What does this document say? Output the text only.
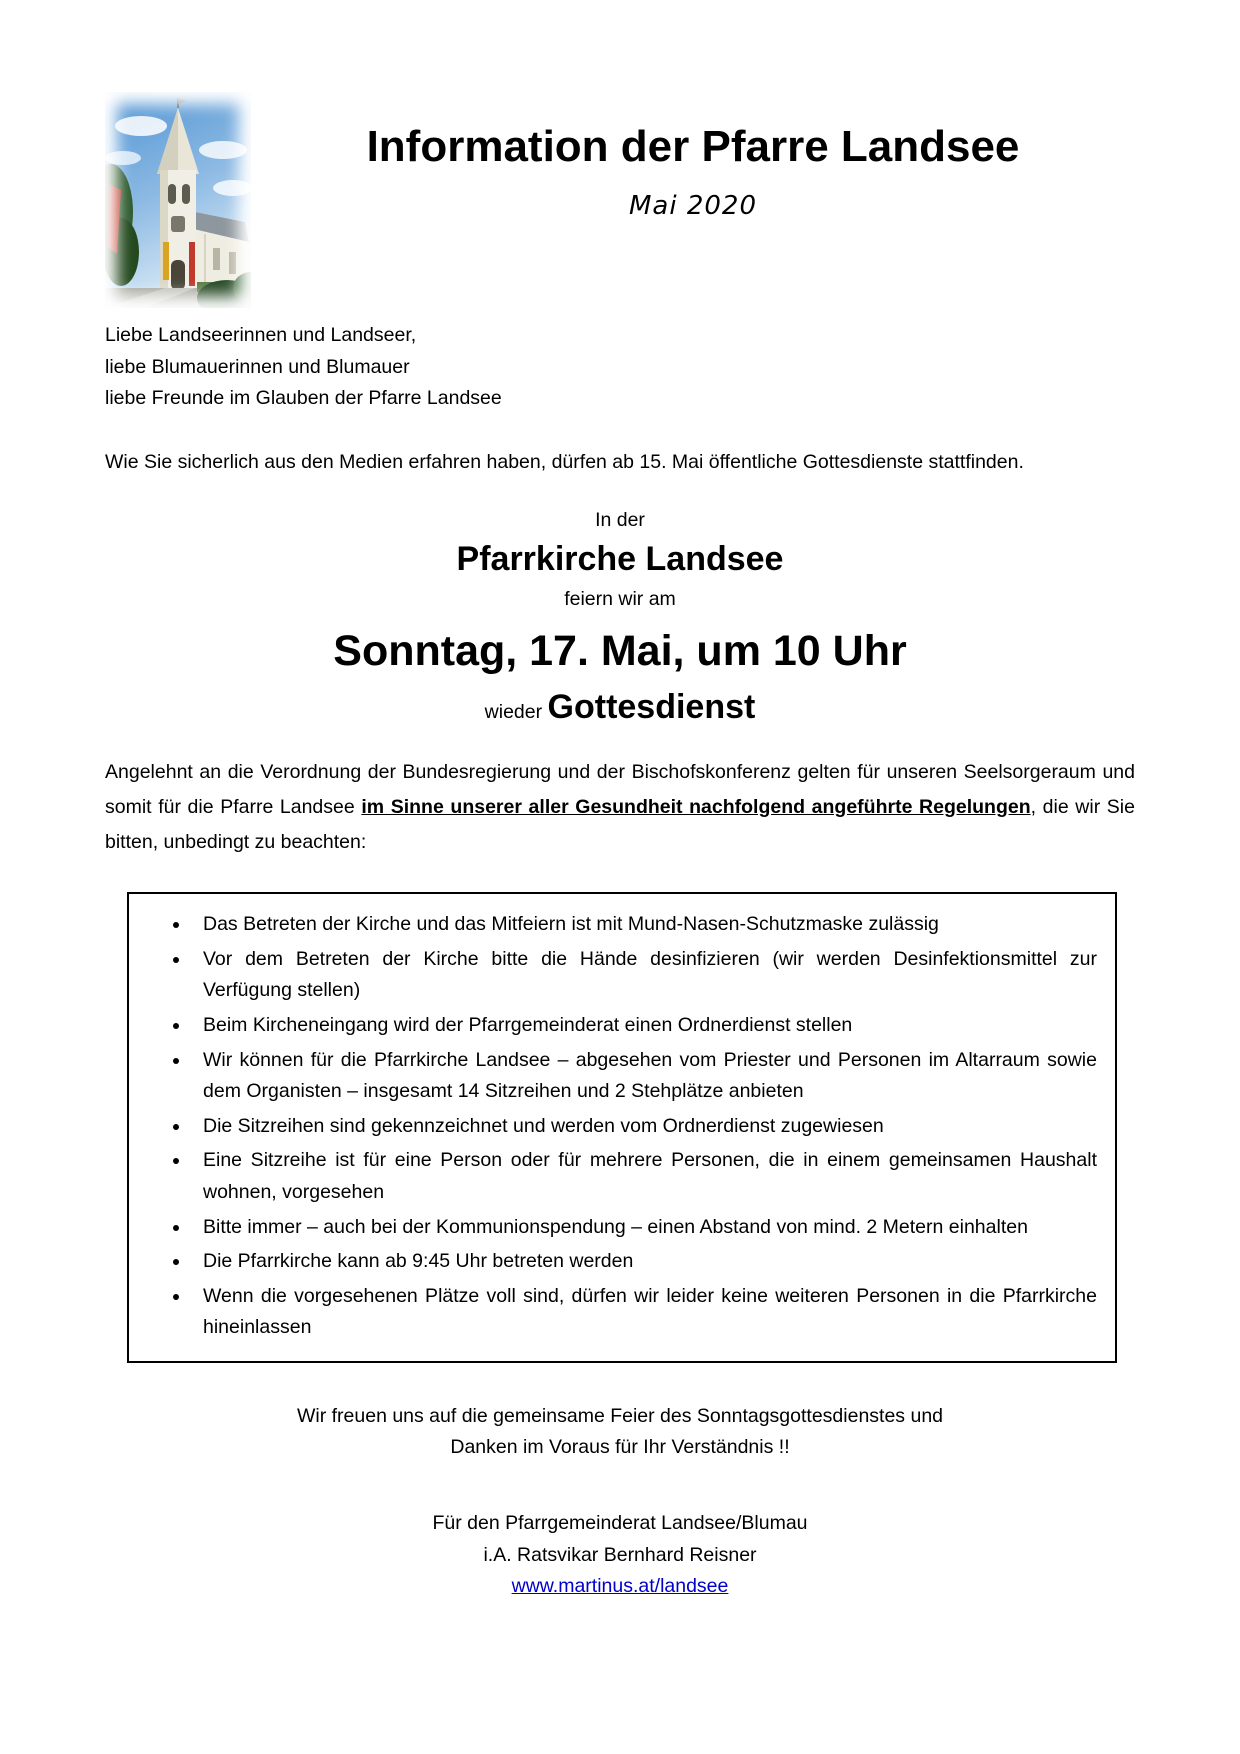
Information der Pfarre Landsee
Mai 2020
Liebe Landseerinnen und Landseer,
liebe Blumauerinnen und Blumauer
liebe Freunde im Glauben der Pfarre Landsee

Wie Sie sicherlich aus den Medien erfahren haben, dürfen ab 15. Mai öffentliche Gottesdienste stattfinden.

In der
Pfarrkirche Landsee
feiern wir am
Sonntag, 17. Mai, um 10 Uhr
wieder Gottesdienst

Angelehnt an die Verordnung der Bundesregierung und der Bischofskonferenz gelten für unseren Seelsorgeraum und somit für die Pfarre Landsee im Sinne unserer aller Gesundheit nachfolgend angeführte Regelungen, die wir Sie bitten, unbedingt zu beachten:

• Das Betreten der Kirche und das Mitfeiern ist mit Mund-Nasen-Schutzmaske zulässig
• Vor dem Betreten der Kirche bitte die Hände desinfizieren (wir werden Desinfektionsmittel zur Verfügung stellen)
• Beim Kircheneingang wird der Pfarrgemeinderat einen Ordnerdienst stellen
• Wir können für die Pfarrkirche Landsee – abgesehen vom Priester und Personen im Altarraum sowie dem Organisten – insgesamt 14 Sitzreihen und 2 Stehplätze anbieten
• Die Sitzreihen sind gekennzeichnet und werden vom Ordnerdienst zugewiesen
• Eine Sitzreihe ist für eine Person oder für mehrere Personen, die in einem gemeinsamen Haushalt wohnen, vorgesehen
• Bitte immer – auch bei der Kommunionspendung – einen Abstand von mind. 2 Metern einhalten
• Die Pfarrkirche kann ab 9:45 Uhr betreten werden
• Wenn die vorgesehenen Plätze voll sind, dürfen wir leider keine weiteren Personen in die Pfarrkirche hineinlassen
Wir freuen uns auf die gemeinsame Feier des Sonntagsgottesdienstes und
Danken im Voraus für Ihr Verständnis !!
Für den Pfarrgemeinderat Landsee/Blumau
i.A. Ratsvikar Bernhard Reisner
www.martinus.at/landsee
